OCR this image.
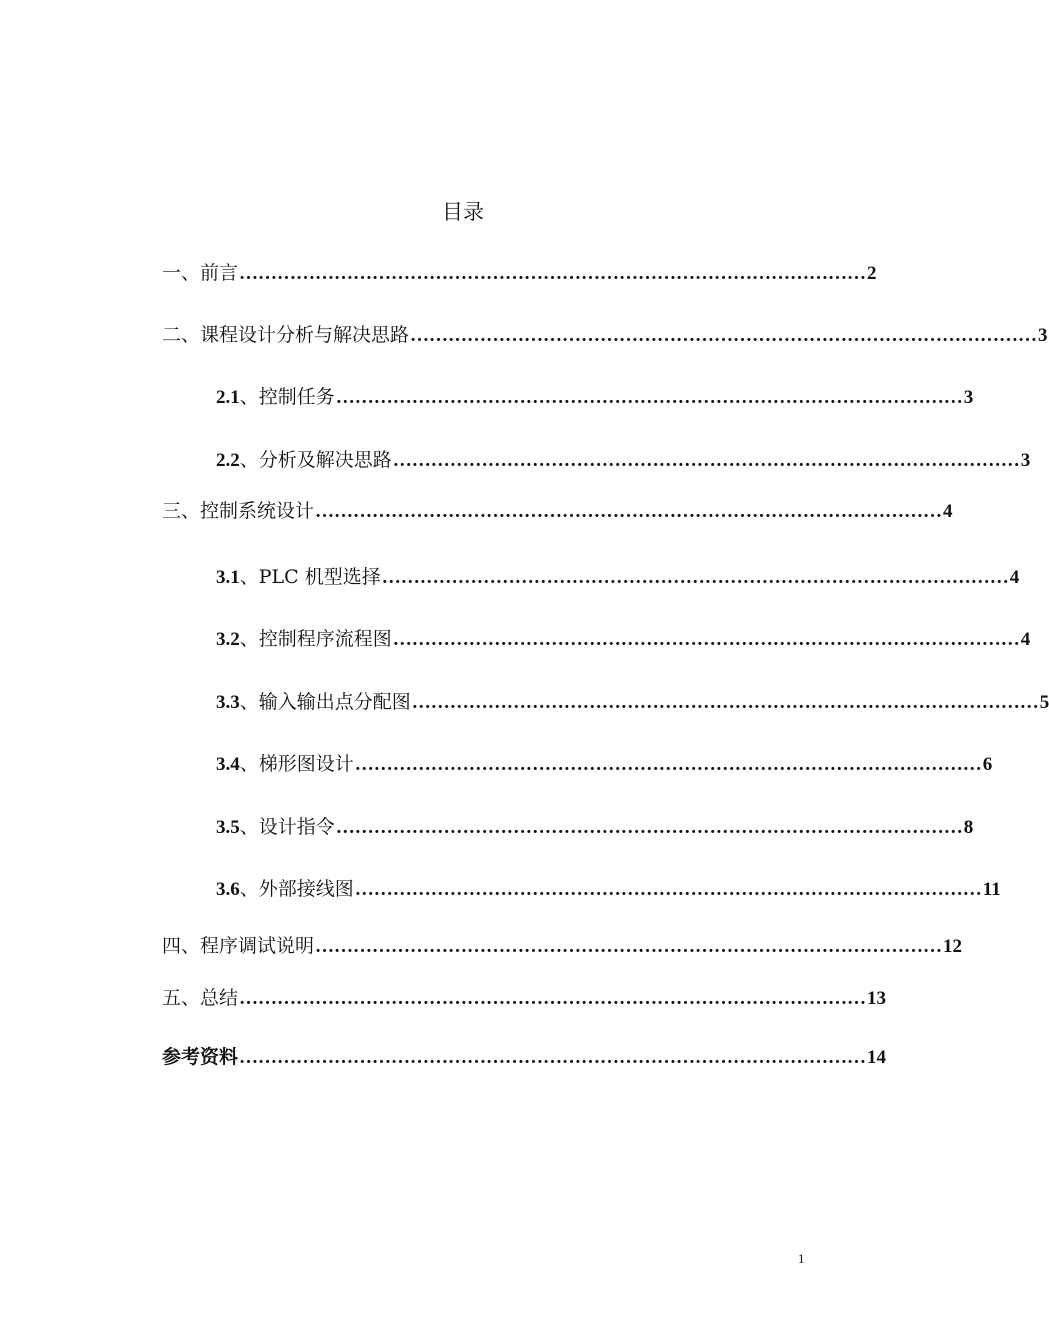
目录
一、前言 ……………………………………………………………………………………… 2
二、课程设计分析与解决思路 ……………………………………………………………………………………… 3
2.1 、控制任务 ……………………………………………………………………………………… 3
2.2 、分析及解决思路 ……………………………………………………………………………………… 3
三、控制系统设计 ……………………………………………………………………………………… 4
3.1 、PLC 机型选择 ……………………………………………………………………………………… 4
3.2 、控制程序流程图 ……………………………………………………………………………………… 4
3.3 、输入输出点分配图 ……………………………………………………………………………………… 5
3.4 、梯形图设计 ……………………………………………………………………………………… 6
3.5 、设计指令 ……………………………………………………………………………………… 8
3.6 、外部接线图 ……………………………………………………………………………………… 11
四、程序调试说明 ……………………………………………………………………………………… 12
五、总结 ……………………………………………………………………………………… 13
参考资料 ……………………………………………………………………………………… 14
1
